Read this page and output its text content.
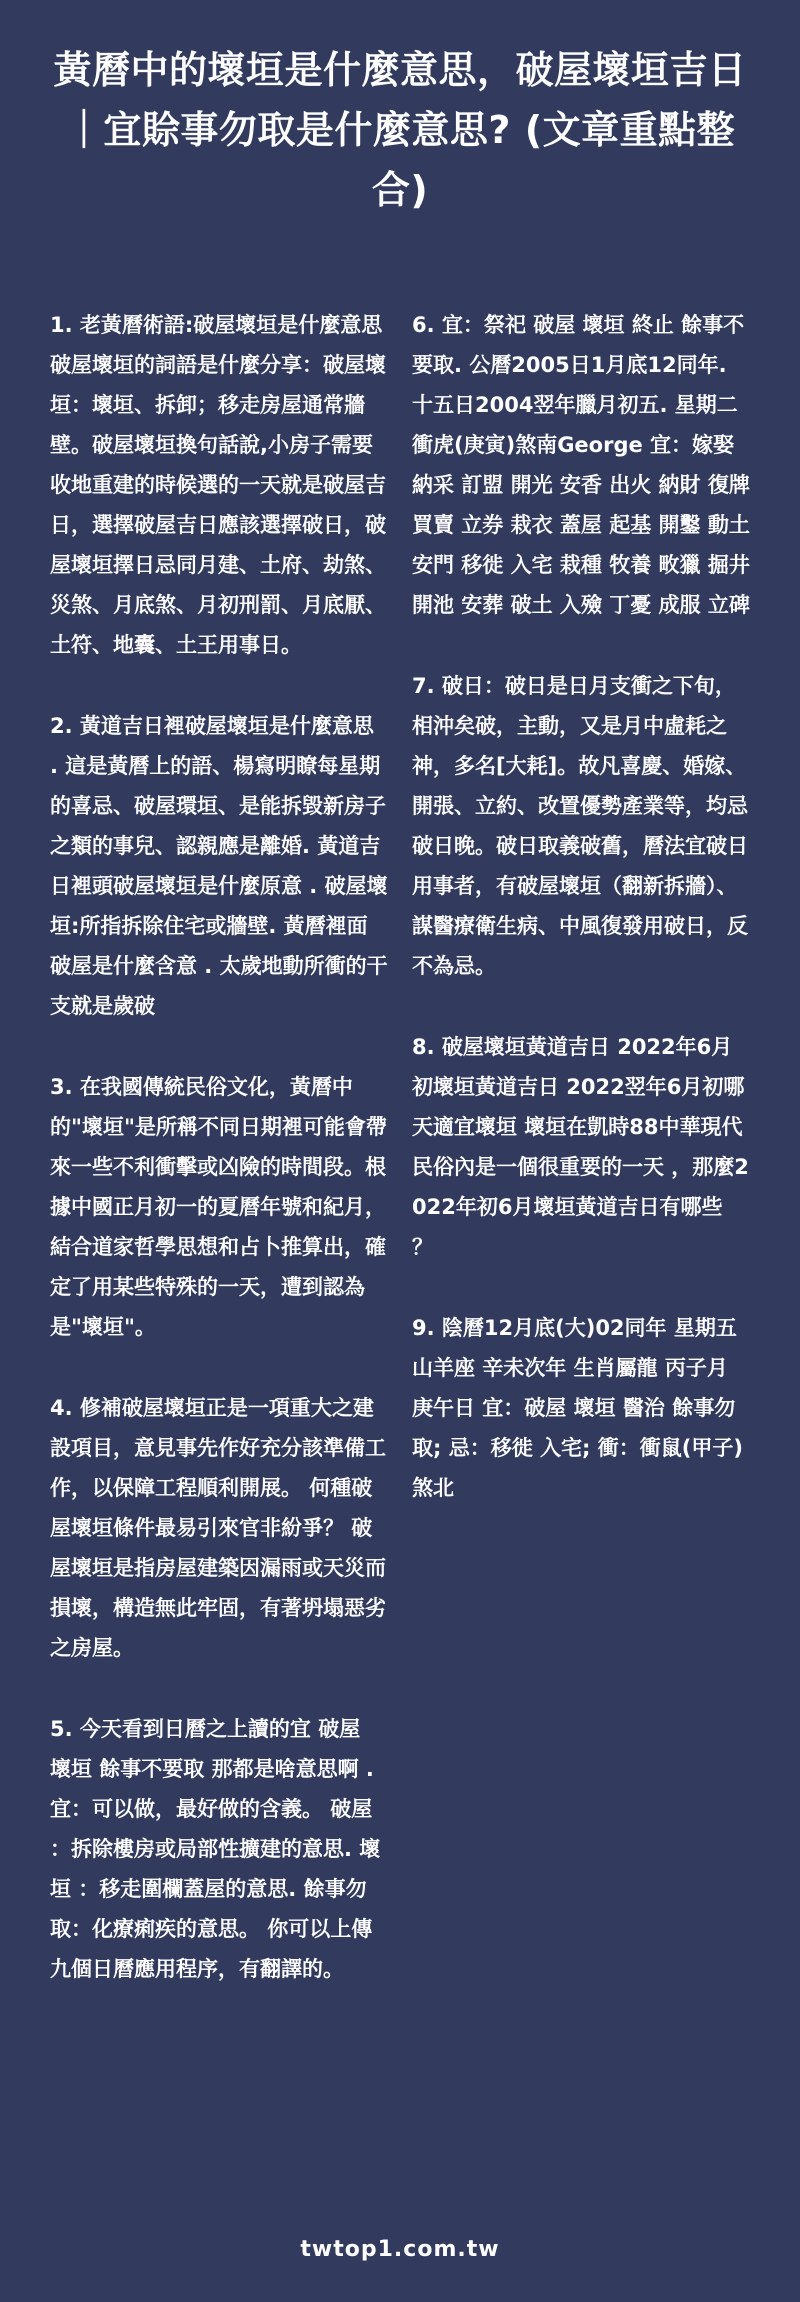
黃曆中的壞垣是什麼意思，破屋壞垣吉日｜宜賒事勿取是什麼意思? (文章重點整合)

1. 老黃曆術語:破屋壞垣是什麼意思 破屋壞垣的詞語是什麼分享：破屋壞垣：壞垣、拆卸；移走房屋通常牆壁。破屋壞垣換句話說,小房子需要收地重建的時候選的一天就是破屋吉日，選擇破屋吉日應該選擇破日，破屋壞垣擇日忌同月建、土府、劫煞、災煞、月底煞、月初刑罰、月底厭、土符、地囊、土王用事日。

2. 黃道吉日裡破屋壞垣是什麼意思 . 這是黃曆上的語、楊寫明瞭每星期的喜忌、破屋環垣、是能拆毀新房子之類的事兒、認親應是離婚. 黃道吉日裡頭破屋壞垣是什麼原意 . 破屋壞垣:所指拆除住宅或牆壁. 黃曆裡面破屋是什麼含意 . 太歲地動所衝的干支就是歲破

3. 在我國傳統民俗文化，黃曆中的"壞垣"是所稱不同日期裡可能會帶來一些不利衝擊或凶險的時間段。根據中國正月初一的夏曆年號和紀月，結合道家哲學思想和占卜推算出，確定了用某些特殊的一天，遭到認為是"壞垣"。

4. 修補破屋壞垣正是一項重大之建設項目，意見事先作好充分該準備工作，以保障工程順利開展。 何種破屋壞垣條件最易引來官非紛爭？ 破屋壞垣是指房屋建築因漏雨或天災而損壞，構造無此牢固，有著坍塌惡劣之房屋。

5. 今天看到日曆之上讀的宜 破屋 壞垣 餘事不要取 那都是啥意思啊 . 宜：可以做，最好做的含義。 破屋 ：拆除樓房或局部性擴建的意思. 壞垣 ：移走圍欄蓋屋的意思. 餘事勿取：化療痢疾的意思。 你可以上傳九個日曆應用程序，有翻譯的。

6. 宜：祭祀 破屋 壞垣 終止 餘事不要取. 公曆2005日1月底12同年. 十五日2004翌年臘月初五. 星期二 衝虎(庚寅)煞南George 宜：嫁娶 納采 訂盟 開光 安香 出火 納財 復牌 買賣 立券 栽衣 蓋屋 起基 開鑿 動土 安門 移徙 入宅 栽種 牧養 畋獵 掘井 開池 安葬 破土 入殮 丁憂 成服 立碑

7. 破日：破日是日月支衝之下旬，相沖矣破，主動，又是月中虛耗之神，多名[大耗]。故凡喜慶、婚嫁、開張、立約、改置優勢產業等，均忌破日晚。破日取義破舊，曆法宜破日用事者，有破屋壞垣（翻新拆牆）、謀醫療衛生病、中風復發用破日，反不為忌。

8. 破屋壞垣黃道吉日 2022年6月初壞垣黃道吉日 2022翌年6月初哪天適宜壞垣 壞垣在凱時88中華現代民俗內是一個很重要的一天 ，那麼2022年初6月壞垣黃道吉日有哪些 ？

9. 陰曆12月底(大)02同年 星期五 山羊座 辛未次年 生肖屬龍 丙子月 庚午日 宜：破屋 壞垣 醫治 餘事勿取; 忌：移徙 入宅; 衝：衝鼠(甲子)煞北

twtop1.com.tw
